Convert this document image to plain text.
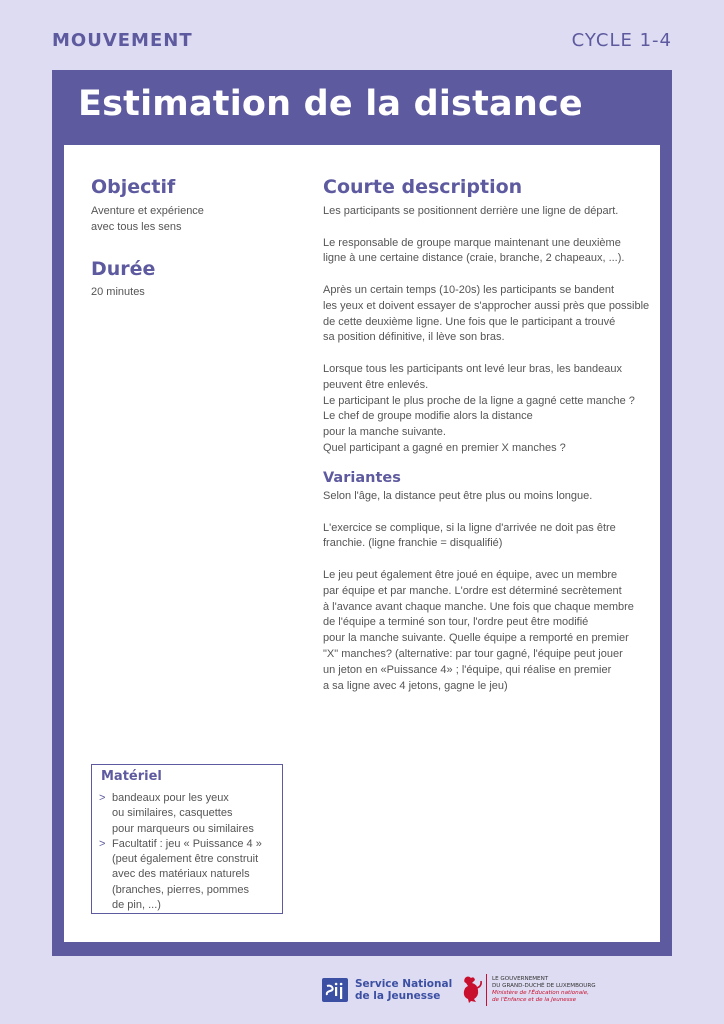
MOUVEMENT	CYCLE 1-4
Estimation de la distance
Objectif
Aventure et expérience
avec tous les sens
Durée
20 minutes
Courte description
Les participants se positionnent derrière une ligne de départ.
Le responsable de groupe marque maintenant une deuxième
ligne à une certaine distance (craie, branche, 2 chapeaux, ...).
Après un certain temps (10-20s) les participants se bandent
les yeux et doivent essayer de s'approcher aussi près que possible
de cette deuxième ligne. Une fois que le participant a trouvé
sa position définitive, il lève son bras.
Lorsque tous les participants ont levé leur bras, les bandeaux
peuvent être enlevés.
Le participant le plus proche de la ligne a gagné cette manche ?
Le chef de groupe modifie alors la distance
pour la manche suivante.
Quel participant a gagné en premier X manches ?
Variantes
Selon l'âge, la distance peut être plus ou moins longue.
L'exercice se complique, si la ligne d'arrivée ne doit pas être
franchie. (ligne franchie = disqualifié)
Le jeu peut également être joué en équipe, avec un membre
par équipe et par manche. L'ordre est déterminé secrètement
à l'avance avant chaque manche. Une fois que chaque membre
de l'équipe a terminé son tour, l'ordre peut être modifié
pour la manche suivante. Quelle équipe a remporté en premier
"X" manches? (alternative: par tour gagné, l'équipe peut jouer
un jeton en «Puissance 4» ; l'équipe, qui réalise en premier
a sa ligne avec 4 jetons, gagne le jeu)
Matériel
> bandeaux pour les yeux
ou similaires, casquettes
pour marqueurs ou similaires
> Facultatif : jeu « Puissance 4 »
(peut également être construit
avec des matériaux naturels
(branches, pierres, pommes
de pin, ...)
Service National
de la Jeunesse
LE GOUVERNEMENT
DU GRAND-DUCHÉ DE LUXEMBOURG
Ministère de l'Éducation nationale,
de l'Enfance et de la Jeunesse
